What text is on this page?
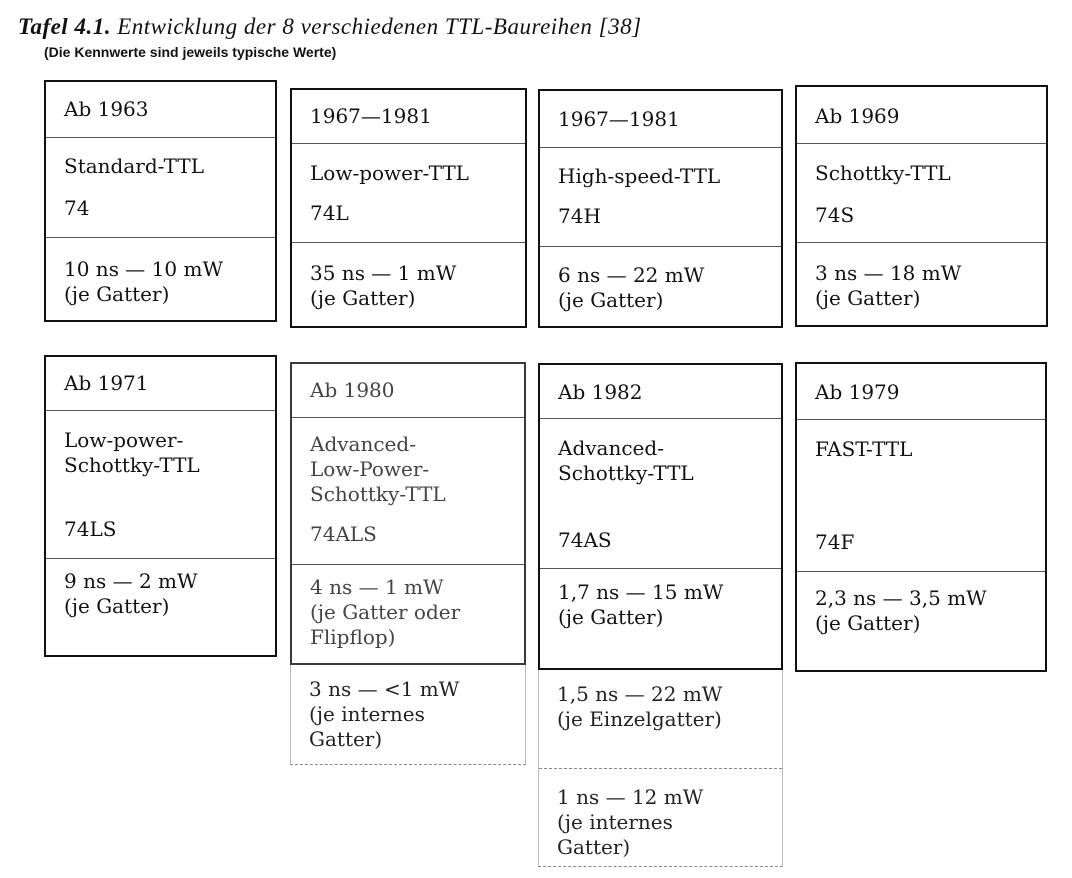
Tafel 4.1. Entwicklung der 8 verschiedenen TTL-Baureihen [38]
(Die Kennwerte sind jeweils typische Werte)
Ab 1963
Standard-TTL
74
10 ns — 10 mW
(je Gatter)
1967—1981
Low-power-TTL
74L
35 ns — 1 mW
(je Gatter)
1967—1981
High-speed-TTL
74H
6 ns — 22 mW
(je Gatter)
Ab 1969
Schottky-TTL
74S
3 ns — 18 mW
(je Gatter)
Ab 1971
Low-power-
Schottky-TTL
74LS
9 ns — 2 mW
(je Gatter)
Ab 1980
Advanced-
Low-Power-
Schottky-TTL
74ALS
4 ns — 1 mW
(je Gatter oder
Flipflop)
Ab 1982
Advanced-
Schottky-TTL
74AS
1,7 ns — 15 mW
(je Gatter)
Ab 1979
FAST-TTL
74F
2,3 ns — 3,5 mW
(je Gatter)
3 ns — <1 mW
(je internes
Gatter)
1,5 ns — 22 mW
(je Einzelgatter)
1 ns — 12 mW
(je internes
Gatter)
